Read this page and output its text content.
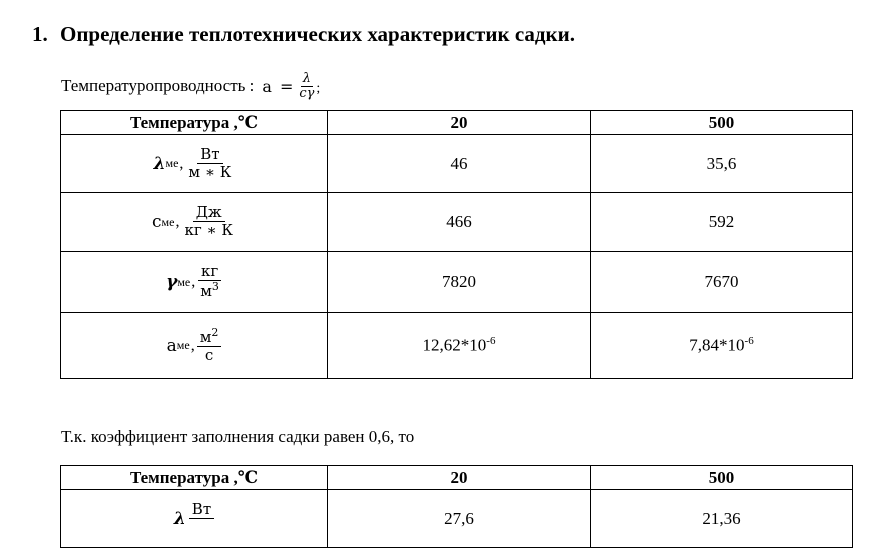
1. Определение теплотехнических характеристик садки.
Температуропроводность : $a = \frac{\lambda}{c\gamma}$ ;
Температура ,℃	20	500

λ ме , $\frac{Вт}{м ∗ К}$	46	35,6

c ме , $\frac{Дж}{кг ∗ К}$	466	592

γ ме , $\frac{кг}{м^3}$	7820	7670

a ме , $\frac{м^2}{с}$	$12,62*10^{-6}$	$7,84*10^{-6}$
Т.к. коэффициент заполнения садки равен 0,6, то
Температура ,℃	20	500

λ Вт	27,6	21,36
